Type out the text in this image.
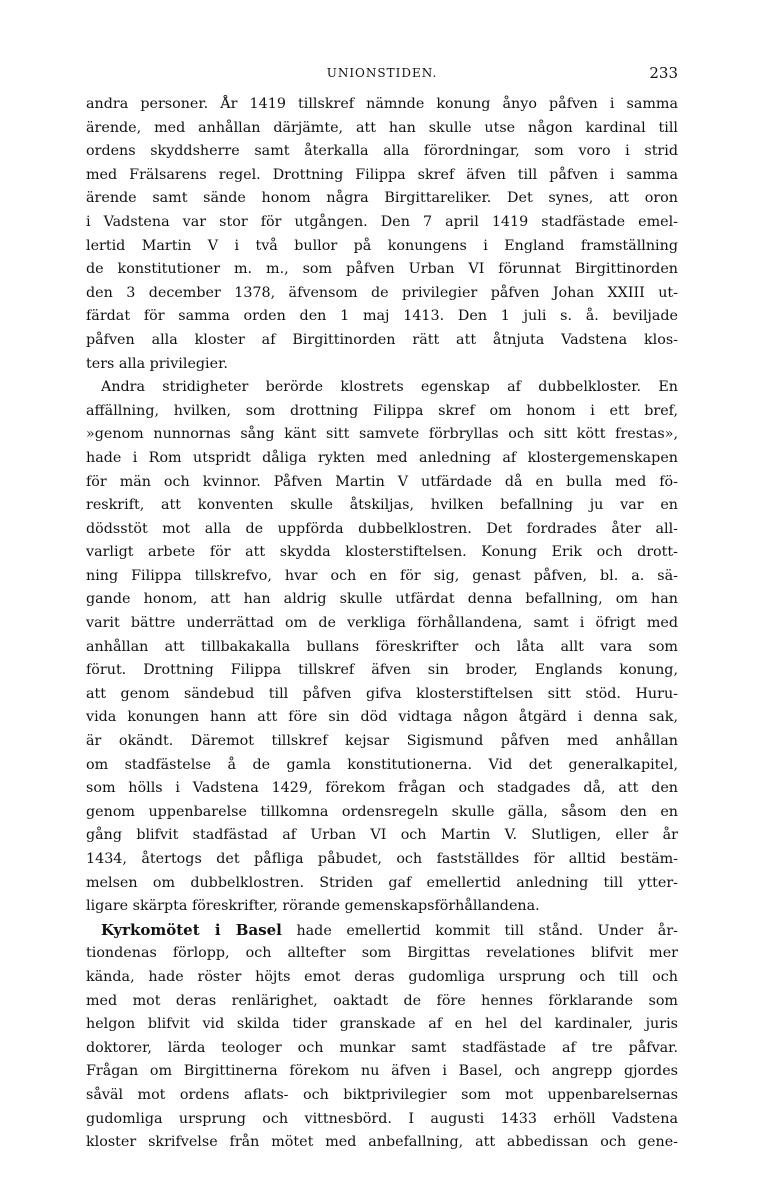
UNIONSTIDEN.	233
andra personer. År 1419 tillskref nämnde konung ånyo påfven i samma
ärende, med anhållan därjämte, att han skulle utse någon kardinal till
ordens skyddsherre samt återkalla alla förordningar, som voro i strid
med Frälsarens regel. Drottning Filippa skref äfven till påfven i samma
ärende samt sände honom några Birgittareliker. Det synes, att oron
i Vadstena var stor för utgången. Den 7 april 1419 stadfästade emel-
lertid Martin V i två bullor på konungens i England framställning
de konstitutioner m. m., som påfven Urban VI förunnat Birgittinorden
den 3 december 1378, äfvensom de privilegier påfven Johan XXIII ut-
färdat för samma orden den 1 maj 1413. Den 1 juli s. å. beviljade
påfven alla kloster af Birgittinorden rätt att åtnjuta Vadstena klos-
ters alla privilegier.
Andra stridigheter berörde klostrets egenskap af dubbelkloster. En
affällning, hvilken, som drottning Filippa skref om honom i ett bref,
»genom nunnornas sång känt sitt samvete förbryllas och sitt kött frestas»,
hade i Rom utspridt dåliga rykten med anledning af klostergemenskapen
för män och kvinnor. Påfven Martin V utfärdade då en bulla med fö-
reskrift, att konventen skulle åtskiljas, hvilken befallning ju var en
dödsstöt mot alla de uppförda dubbelklostren. Det fordrades åter all-
varligt arbete för att skydda klosterstiftelsen. Konung Erik och drott-
ning Filippa tillskrefvo, hvar och en för sig, genast påfven, bl. a. sä-
gande honom, att han aldrig skulle utfärdat denna befallning, om han
varit bättre underrättad om de verkliga förhållandena, samt i öfrigt med
anhållan att tillbakakalla bullans föreskrifter och låta allt vara som
förut. Drottning Filippa tillskref äfven sin broder, Englands konung,
att genom sändebud till påfven gifva klosterstiftelsen sitt stöd. Huru-
vida konungen hann att före sin död vidtaga någon åtgärd i denna sak,
är okändt. Däremot tillskref kejsar Sigismund påfven med anhållan
om stadfästelse å de gamla konstitutionerna. Vid det generalkapitel,
som hölls i Vadstena 1429, förekom frågan och stadgades då, att den
genom uppenbarelse tillkomna ordensregeln skulle gälla, såsom den en
gång blifvit stadfästad af Urban VI och Martin V. Slutligen, eller år
1434, återtogs det påfliga påbudet, och fastställdes för alltid bestäm-
melsen om dubbelklostren. Striden gaf emellertid anledning till ytter-
ligare skärpta föreskrifter, rörande gemenskapsförhållandena.
Kyrkomötet i Basel hade emellertid kommit till stånd. Under år-
tiondenas förlopp, och alltefter som Birgittas revelationes blifvit mer
kända, hade röster höjts emot deras gudomliga ursprung och till och
med mot deras renlärighet, oaktadt de före hennes förklarande som
helgon blifvit vid skilda tider granskade af en hel del kardinaler, juris
doktorer, lärda teologer och munkar samt stadfästade af tre påfvar.
Frågan om Birgittinerna förekom nu äfven i Basel, och angrepp gjordes
såväl mot ordens aflats- och biktprivilegier som mot uppenbarelsernas
gudomliga ursprung och vittnesbörd. I augusti 1433 erhöll Vadstena
kloster skrifvelse från mötet med anbefallning, att abbedissan och gene-
